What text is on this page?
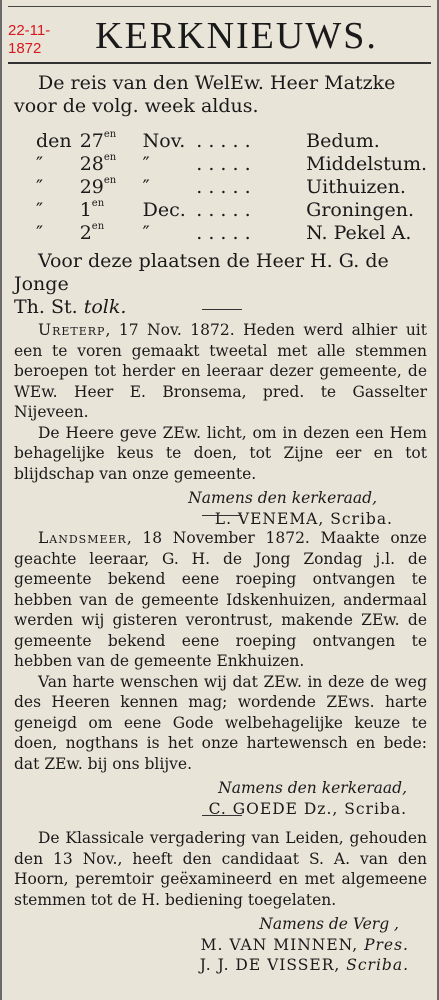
22-11-1872	KERKNIEUWS.
De reis van den WelEw. Heer Matzke
voor de volg. week aldus.
den	$27^{en}$	Nov.	. . . . .	Bedum.
″	$28^{en}$	″	. . . . .	Middelstum.
″	$29^{en}$	″	. . . . .	Uithuizen.
″	$1^{en}$	Dec.	. . . . .	Groningen.
″	$2^{en}$	″	. . . . .	N. Pekel A.
Voor deze plaatsen de Heer H. G. de Jonge
Th. St. tolk.
Ureterp, 17 Nov. 1872. Heden werd alhier uit een te voren gemaakt tweetal met alle stemmen beroepen tot herder en leeraar dezer gemeente, de WEw. Heer E. Bronsema, pred. te Gasselter Nijeveen.
De Heere geve ZEw. licht, om in dezen een Hem behagelijke keus te doen, tot Zijne eer en tot blijdschap van onze gemeente.
Namens den kerkeraad,
L. VENEMA, Scriba.
Landsmeer, 18 November 1872. Maakte onze geachte leeraar, G. H. de Jong Zondag j.l. de gemeente bekend eene roeping ontvangen te hebben van de gemeente Idskenhuizen, andermaal werden wij gisteren verontrust, makende ZEw. de gemeente bekend eene roeping ontvangen te hebben van de gemeente Enkhuizen.
Van harte wenschen wij dat ZEw. in deze de weg des Heeren kennen mag; wordende ZEws. harte geneigd om eene Gode welbehagelijke keuze te doen, nogthans is het onze hartewensch en bede: dat ZEw. bij ons blijve.
Namens den kerkeraad,
C. GOEDE Dz., Scriba.
De Klassicale vergadering van Leiden, gehouden den 13 Nov., heeft den candidaat S. A. van den Hoorn, peremtoir geëxamineerd en met algemeene stemmen tot de H. bediening toegelaten.
Namens de Verg ,
M. VAN MINNEN, Pres.
J. J. DE VISSER, Scriba.
